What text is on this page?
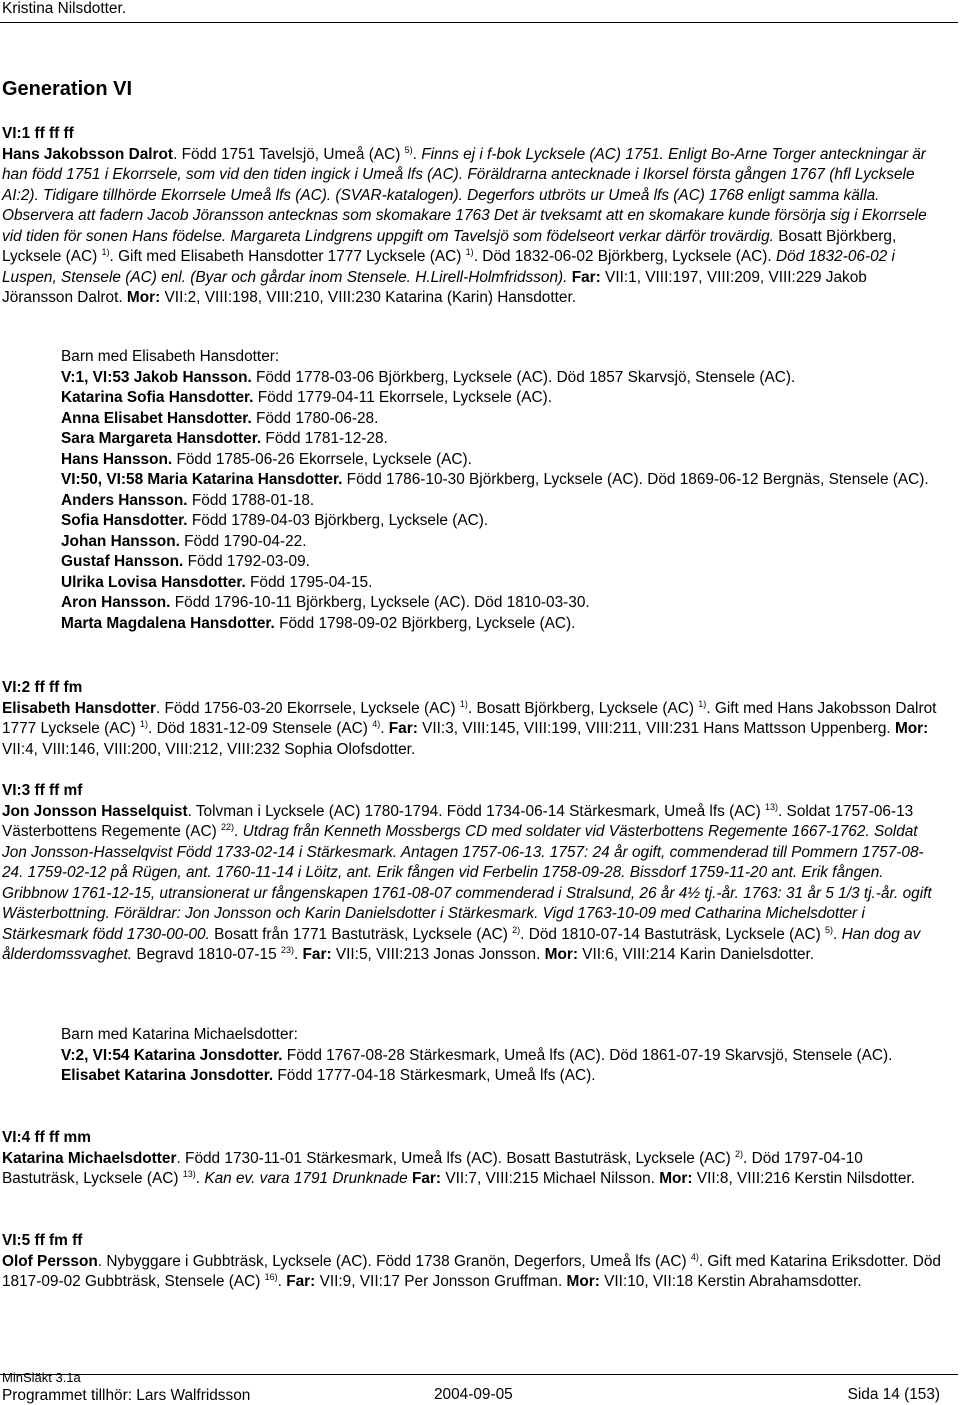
Kristina Nilsdotter.
Generation VI

VI:1 ff ff ff

Hans Jakobsson Dalrot. Född 1751 Tavelsjö, Umeå (AC) $^{5)}$. Finns ej i f-bok Lycksele (AC) 1751. Enligt Bo-Arne Torger anteckningar är han född 1751 i Ekorrsele, som vid den tiden ingick i Umeå lfs (AC). Föräldrarna antecknade i Ikorsel första gången 1767 (hfl Lycksele AI:2). Tidigare tillhörde Ekorrsele Umeå lfs (AC). (SVAR-katalogen). Degerfors utbröts ur Umeå lfs (AC) 1768 enligt samma källa. Observera att fadern Jacob Jöransson antecknas som skomakare 1763 Det är tveksamt att en skomakare kunde försörja sig i Ekorrsele vid tiden för sonen Hans födelse. Margareta Lindgrens uppgift om Tavelsjö som födelseort verkar därför trovärdig. Bosatt Björkberg, Lycksele (AC) $^{1)}$. Gift med Elisabeth Hansdotter 1777 Lycksele (AC) $^{1)}$. Död 1832-06-02 Björkberg, Lycksele (AC). Död 1832-06-02 i Luspen, Stensele (AC) enl. (Byar och gårdar inom Stensele. H.Lirell-Holmfridsson). Far: VII:1, VIII:197, VIII:209, VIII:229 Jakob Jöransson Dalrot. Mor: VII:2, VIII:198, VIII:210, VIII:230 Katarina (Karin) Hansdotter.

Barn med Elisabeth Hansdotter:

V:1, VI:53 Jakob Hansson. Född 1778-03-06 Björkberg, Lycksele (AC). Död 1857 Skarvsjö, Stensele (AC).

Katarina Sofia Hansdotter. Född 1779-04-11 Ekorrsele, Lycksele (AC).

Anna Elisabet Hansdotter. Född 1780-06-28.

Sara Margareta Hansdotter. Född 1781-12-28.

Hans Hansson. Född 1785-06-26 Ekorrsele, Lycksele (AC).

VI:50, VI:58 Maria Katarina Hansdotter. Född 1786-10-30 Björkberg, Lycksele (AC). Död 1869-06-12 Bergnäs, Stensele (AC).

Anders Hansson. Född 1788-01-18.

Sofia Hansdotter. Född 1789-04-03 Björkberg, Lycksele (AC).

Johan Hansson. Född 1790-04-22.

Gustaf Hansson. Född 1792-03-09.

Ulrika Lovisa Hansdotter. Född 1795-04-15.

Aron Hansson. Född 1796-10-11 Björkberg, Lycksele (AC). Död 1810-03-30.

Marta Magdalena Hansdotter. Född 1798-09-02 Björkberg, Lycksele (AC).

VI:2 ff ff fm

Elisabeth Hansdotter. Född 1756-03-20 Ekorrsele, Lycksele (AC) $^{1)}$. Bosatt Björkberg, Lycksele (AC) $^{1)}$. Gift med Hans Jakobsson Dalrot 1777 Lycksele (AC) $^{1)}$. Död 1831-12-09 Stensele (AC) $^{4)}$. Far: VII:3, VIII:145, VIII:199, VIII:211, VIII:231 Hans Mattsson Uppenberg. Mor: VII:4, VIII:146, VIII:200, VIII:212, VIII:232 Sophia Olofsdotter.

VI:3 ff ff mf

Jon Jonsson Hasselquist. Tolvman i Lycksele (AC) 1780-1794. Född 1734-06-14 Stärkesmark, Umeå lfs (AC) $^{13)}$. Soldat 1757-06-13 Västerbottens Regemente (AC) $^{22)}$. Utdrag från Kenneth Mossbergs CD med soldater vid Västerbottens Regemente 1667-1762. Soldat Jon Jonsson-Hasselqvist Född 1733-02-14 i Stärkesmark. Antagen 1757-06-13. 1757: 24 år ogift, commenderad till Pommern 1757-08-24. 1759-02-12 på Rügen, ant. 1760-11-14 i Löitz, ant. Erik fången vid Ferbelin 1758-09-28. Bissdorf 1759-11-20 ant. Erik fången. Gribbnow 1761-12-15, utransionerat ur fångenskapen 1761-08-07 commenderad i Stralsund, 26 år 4½ tj.-år. 1763: 31 år 5 1/3 tj.-år. ogift Wästerbottning. Föräldrar: Jon Jonsson och Karin Danielsdotter i Stärkesmark. Vigd 1763-10-09 med Catharina Michelsdotter i Stärkesmark född 1730-00-00. Bosatt från 1771 Bastuträsk, Lycksele (AC) $^{2)}$. Död 1810-07-14 Bastuträsk, Lycksele (AC) $^{5)}$. Han dog av ålderdomssvaghet. Begravd 1810-07-15 $^{23)}$. Far: VII:5, VIII:213 Jonas Jonsson. Mor: VII:6, VIII:214 Karin Danielsdotter.

Barn med Katarina Michaelsdotter:

V:2, VI:54 Katarina Jonsdotter. Född 1767-08-28 Stärkesmark, Umeå lfs (AC). Död 1861-07-19 Skarvsjö, Stensele (AC).

Elisabet Katarina Jonsdotter. Född 1777-04-18 Stärkesmark, Umeå lfs (AC).

VI:4 ff ff mm

Katarina Michaelsdotter. Född 1730-11-01 Stärkesmark, Umeå lfs (AC). Bosatt Bastuträsk, Lycksele (AC) $^{2)}$. Död 1797-04-10 Bastuträsk, Lycksele (AC) $^{13)}$. Kan ev. vara 1791 Drunknade Far: VII:7, VIII:215 Michael Nilsson. Mor: VII:8, VIII:216 Kerstin Nilsdotter.

VI:5 ff fm ff

Olof Persson. Nybyggare i Gubbträsk, Lycksele (AC). Född 1738 Granön, Degerfors, Umeå lfs (AC) $^{4)}$. Gift med Katarina Eriksdotter. Död 1817-09-02 Gubbträsk, Stensele (AC) $^{16)}$. Far: VII:9, VII:17 Per Jonsson Gruffman. Mor: VII:10, VII:18 Kerstin Abrahamsdotter.

MinSläkt 3.1a
Programmet tillhör: Lars Walfridsson	2004-09-05	Sida 14 (153)
